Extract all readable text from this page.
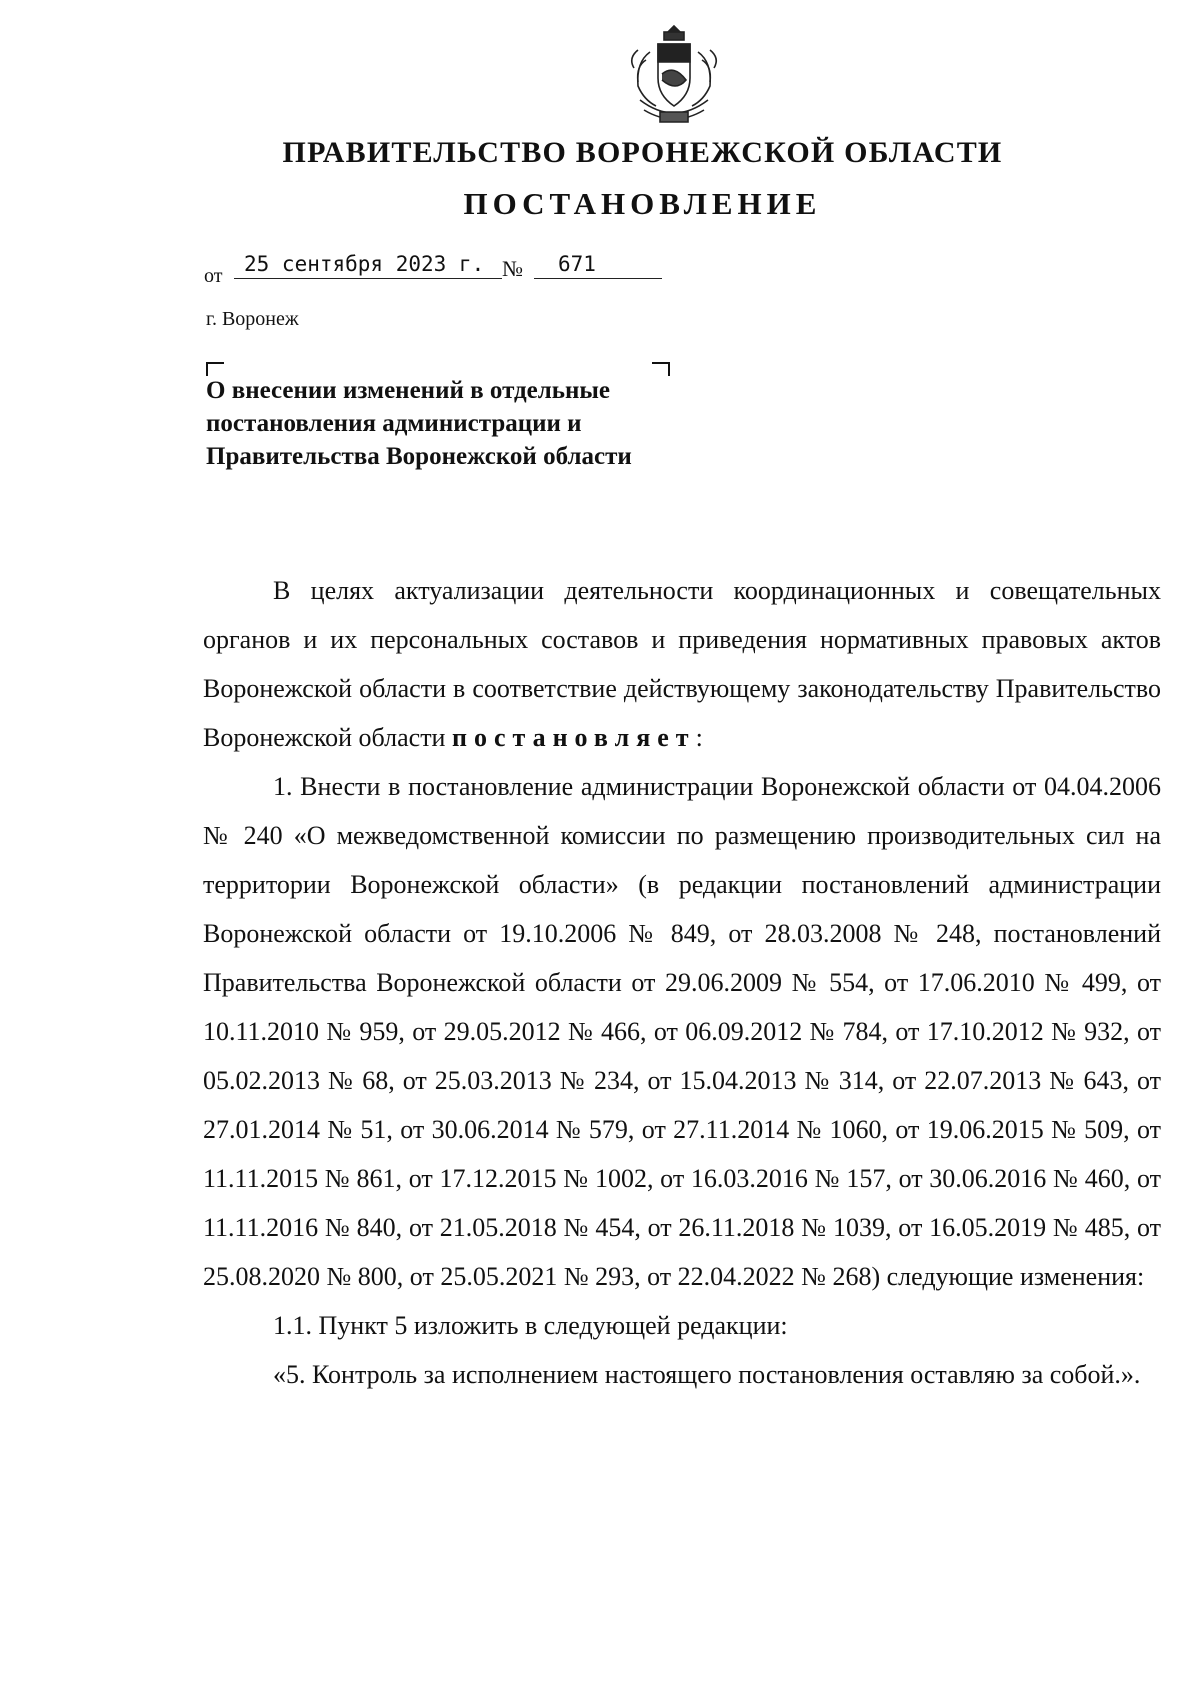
ПРАВИТЕЛЬСТВО ВОРОНЕЖСКОЙ ОБЛАСТИ
ПОСТАНОВЛЕНИЕ
от 25 сентября 2023 г. № 671
г. Воронеж
О внесении изменений в отдельные постановления администрации и Правительства Воронежской области

В целях актуализации деятельности координационных и совещательных органов и их персональных составов и приведения нормативных правовых актов Воронежской области в соответствие действующему законодательству Правительство Воронежской области постановляет:

1. Внести в постановление администрации Воронежской области от 04.04.2006 № 240 «О межведомственной комиссии по размещению производительных сил на территории Воронежской области» (в редакции постановлений администрации Воронежской области от 19.10.2006 № 849, от 28.03.2008 № 248, постановлений Правительства Воронежской области от 29.06.2009 № 554, от 17.06.2010 № 499, от 10.11.2010 № 959, от 29.05.2012 № 466, от 06.09.2012 № 784, от 17.10.2012 № 932, от 05.02.2013 № 68, от 25.03.2013 № 234, от 15.04.2013 № 314, от 22.07.2013 № 643, от 27.01.2014 № 51, от 30.06.2014 № 579, от 27.11.2014 № 1060, от 19.06.2015 № 509, от 11.11.2015 № 861, от 17.12.2015 № 1002, от 16.03.2016 № 157, от 30.06.2016 № 460, от 11.11.2016 № 840, от 21.05.2018 № 454, от 26.11.2018 № 1039, от 16.05.2019 № 485, от 25.08.2020 № 800, от 25.05.2021 № 293, от 22.04.2022 № 268) следующие изменения:

1.1. Пункт 5 изложить в следующей редакции:

«5. Контроль за исполнением настоящего постановления оставляю за собой.».
